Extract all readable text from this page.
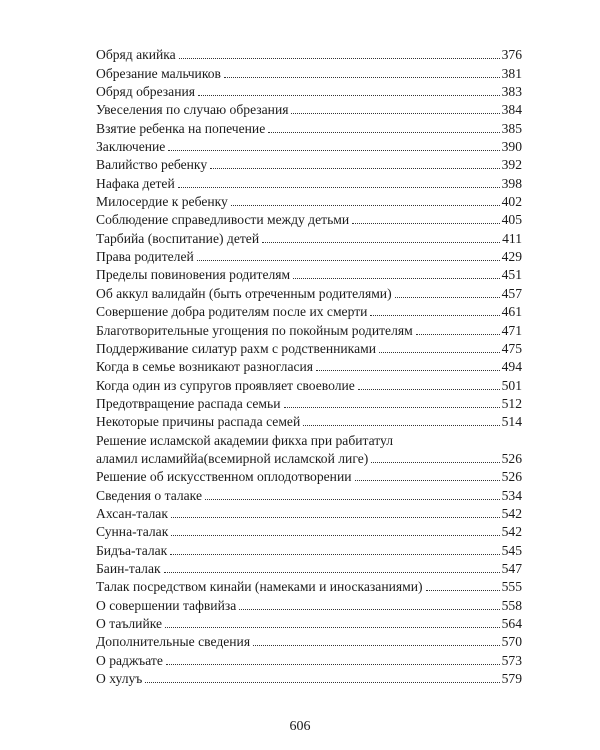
Обряд акийка	376
Обрезание мальчиков	381
Обряд обрезания	383
Увеселения по случаю обрезания	384
Взятие ребенка на попечение	385
Заключение	390
Валийство ребенку	392
Нафака детей	398
Милосердие к ребенку	402
Соблюдение справедливости между детьми	405
Тарбийа (воспитание) детей	411
Права родителей	429
Пределы повиновения родителям	451
Об аккул валидайн (быть отреченным родителями)	457
Совершение добра родителям после их смерти	461
Благотворительные угощения по покойным родителям	471
Поддерживание силатур рахм с родственниками	475
Когда в семье возникают разногласия	494
Когда один из супругов проявляет своеволие	501
Предотвращение распада семьи	512
Некоторые причины распада семей	514
Решение исламской академии фикха при рабитатул
аламил исламиййа(всемирной исламской лиге)	526
Решение об искусственном оплодотворении	526
Сведения о талаке	534
Ахсан-талак	542
Сунна-талак	542
Бидъа-талак	545
Баин-талак	547
Талак посредством кинайи (намеками и иносказаниями)	555
О совершении тафвийза	558
О таълийке	564
Дополнительные сведения	570
О раджъате	573
О хулуъ	579
606
